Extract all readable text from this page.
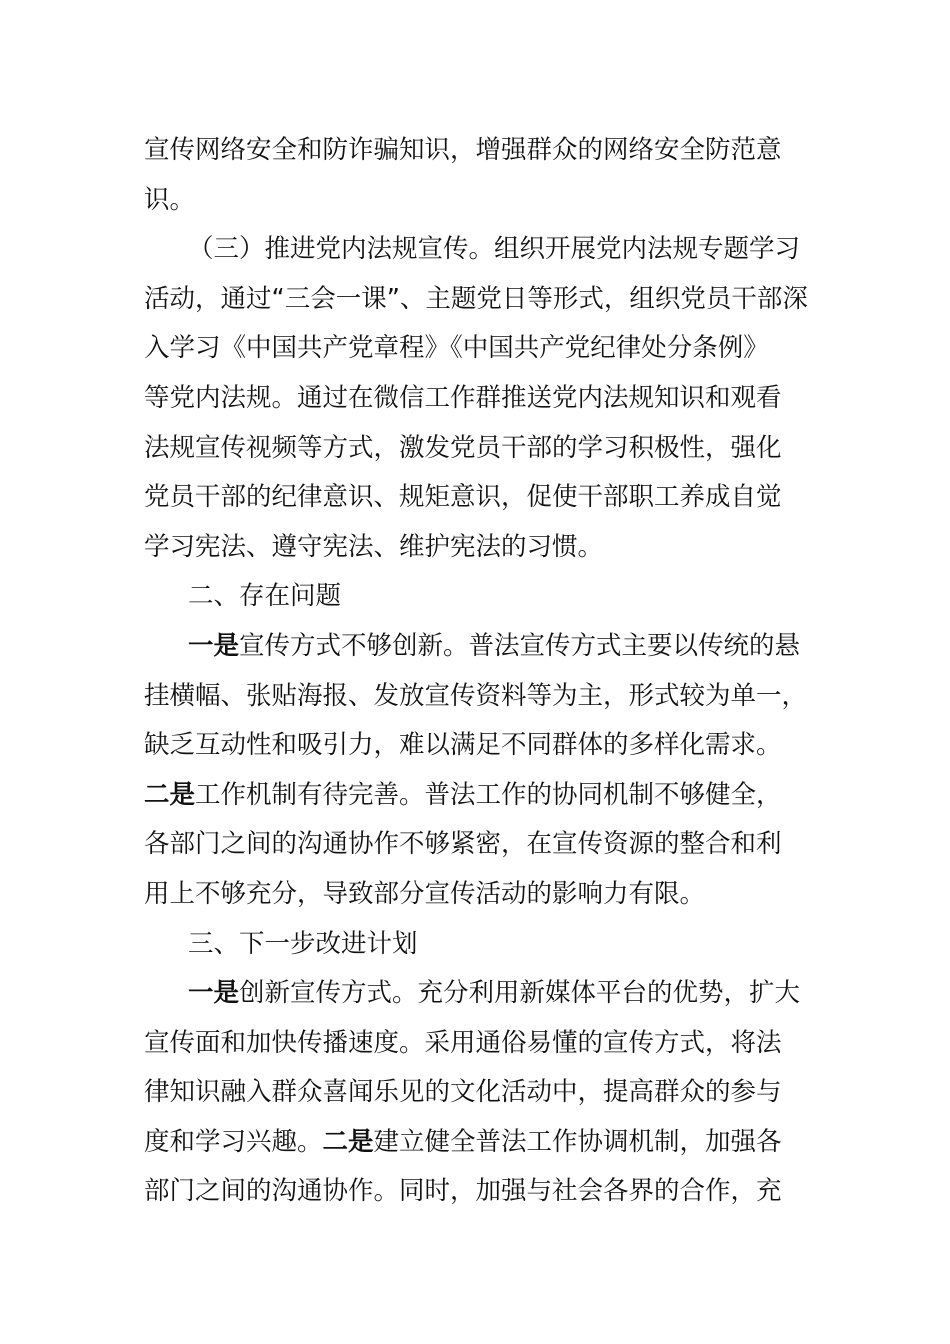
宣传网络安全和防诈骗知识，增强群众的网络安全防范意
识。
（三）推进党内法规宣传。组织开展党内法规专题学习
活动，通过“三会一课”、主题党日等形式，组织党员干部深
入学习《中国共产党章程》《中国共产党纪律处分条例》
等党内法规。通过在微信工作群推送党内法规知识和观看
法规宣传视频等方式，激发党员干部的学习积极性，强化
党员干部的纪律意识、规矩意识，促使干部职工养成自觉
学习宪法、遵守宪法、维护宪法的习惯。
二、存在问题
一是宣传方式不够创新。普法宣传方式主要以传统的悬
挂横幅、张贴海报、发放宣传资料等为主，形式较为单一，
缺乏互动性和吸引力，难以满足不同群体的多样化需求。
二是工作机制有待完善。普法工作的协同机制不够健全，
各部门之间的沟通协作不够紧密，在宣传资源的整合和利
用上不够充分，导致部分宣传活动的影响力有限。
三、下一步改进计划
一是创新宣传方式。充分利用新媒体平台的优势，扩大
宣传面和加快传播速度。采用通俗易懂的宣传方式，将法
律知识融入群众喜闻乐见的文化活动中，提高群众的参与
度和学习兴趣。二是建立健全普法工作协调机制，加强各
部门之间的沟通协作。同时，加强与社会各界的合作，充
